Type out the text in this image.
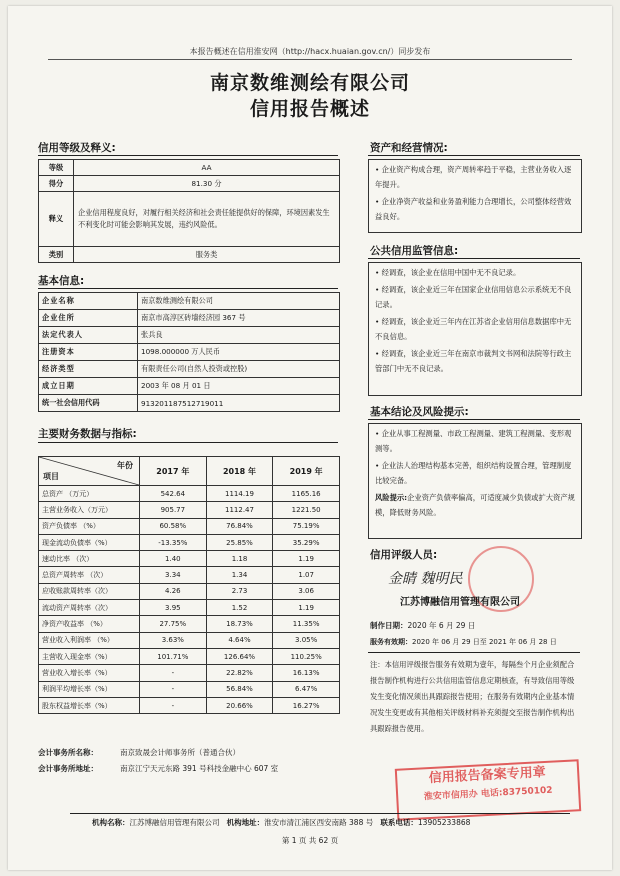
本报告概述在信用淮安网（http://hacx.huaian.gov.cn/）同步发布
南京数维测绘有限公司
信用报告概述
信用等级及释义:
等级	AA
得分	81.30 分
释义	企业信用程度良好，对履行相关经济和社会责任能提供好的保障，环境因素发生不利变化时可能会影响其发展，违约风险低。
类别	服务类
基本信息:
企业名称	南京数维测绘有限公司
企业住所	南京市高淳区砖墙经济园 367 号
法定代表人	张兵良
注册资本	1098.000000 万人民币
经济类型	有限责任公司(自然人投资或控股)
成立日期	2003 年 08 月 01 日
统一社会信用代码	913201187512719011
主要财务数据与指标:
年份
项目	2017 年	2018 年	2019 年
总资产 （万元）	542.64	1114.19	1165.16
主营业务收入（万元）	905.77	1112.47	1221.50
资产负债率 （%）	60.58%	76.84%	75.19%
现金流动负债率（%）	-13.35%	25.85%	35.29%
速动比率 （次）	1.40	1.18	1.19
总资产周转率 （次）	3.34	1.34	1.07
应收账款周转率（次）	4.26	2.73	3.06
流动资产周转率（次）	3.95	1.52	1.19
净资产收益率 （%）	27.75%	18.73%	11.35%
营业收入利润率 （%）	3.63%	4.64%	3.05%
主营收入现金率（%）	101.71%	126.64%	110.25%
营业收入增长率（%）	-	22.82%	16.13%
利润平均增长率（%）	-	56.84%	6.47%
股东权益增长率（%）	-	20.66%	16.27%
会计事务所名称：	南京致晟会计师事务所（普通合伙）
会计事务所地址：	南京江宁天元东路 391 号科技金融中心 607 室
资产和经营情况:

• 企业资产构成合理，资产周转率趋于平稳，主营业务收入逐年提升。

• 企业净资产收益和业务盈利能力合理增长，公司整体经营效益良好。

公共信用监管信息:

• 经调查，该企业在信用中国中无不良记录。

• 经调查，该企业近三年在国家企业信用信息公示系统无不良记录。

• 经调查，该企业近三年内在江苏省企业信用信息数据库中无不良信息。

• 经调查，该企业近三年在南京市裁判文书网和法院等行政主管部门中无不良记录。

基本结论及风险提示:

• 企业从事工程测量、市政工程测量、建筑工程测量、变形观测等。

• 企业法人治理结构基本完善，组织结构设置合理，管理制度比较完备。

风险提示:企业资产负债率偏高，可适度减少负债或扩大资产规模，降低财务风险。

信用评级人员:
金睛 魏明民
江苏博融信用管理有限公司
制作日期：2020 年 6 月 29 日
服务有效期：2020 年 06 月 29 日至 2021 年 06 月 28 日
注：本信用评级报告服务有效期为壹年，每隔叁个月企业须配合报告制作机构进行公共信用监管信息定期核查，有导致信用等级发生变化情况须出具跟踪报告使用；在服务有效期内企业基本情况发生变更或有其他相关评级材料补充须提交至报告制作机构出具跟踪报告使用。
信用报告备案专用章
淮安市信用办 电话:83750102
机构名称：江苏博融信用管理有限公司 机构地址：淮安市清江浦区西安南路 388 号 联系电话：13905233868
第 1 页 共 62 页
